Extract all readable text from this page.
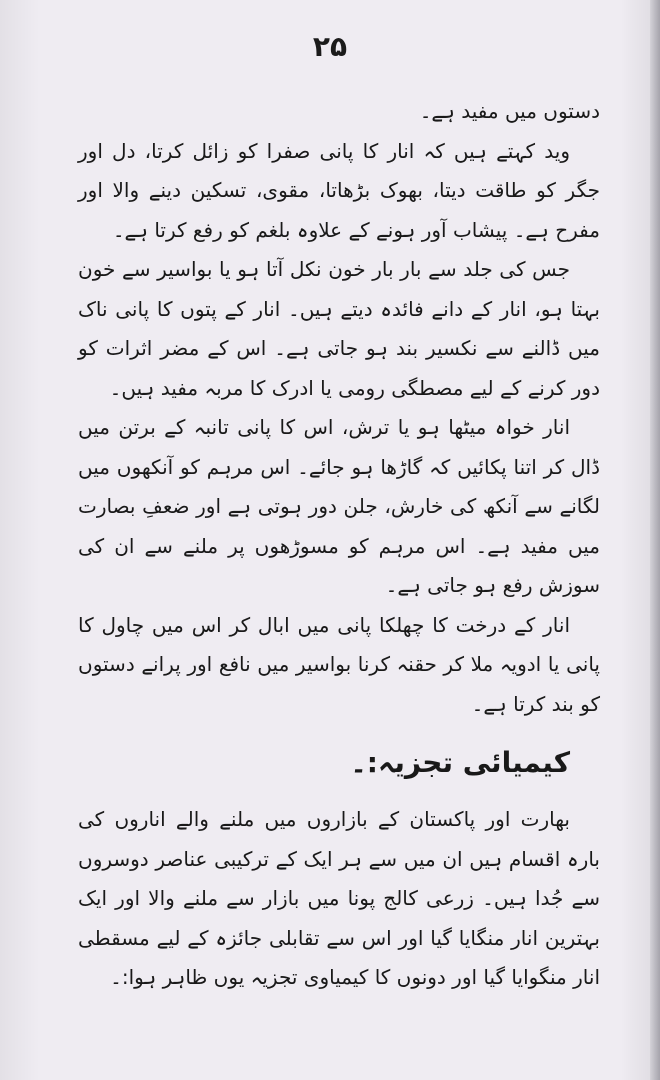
۲۵

دستوں میں مفید ہے۔

وید کہتے ہیں کہ انار کا پانی صفرا کو زائل کرتا، دل اور جگر کو طاقت دیتا، بھوک بڑھاتا، مقوی، تسکین دینے والا اور مفرح ہے۔ پیشاب آور ہونے کے علاوہ بلغم کو رفع کرتا ہے۔

جس کی جلد سے بار بار خون نکل آتا ہو یا بواسیر سے خون بہتا ہو، انار کے دانے فائدہ دیتے ہیں۔ انار کے پتوں کا پانی ناک میں ڈالنے سے نکسیر بند ہو جاتی ہے۔ اس کے مضر اثرات کو دور کرنے کے لیے مصطگی رومی یا ادرک کا مربہ مفید ہیں۔

انار خواہ میٹھا ہو یا ترش، اس کا پانی تانبہ کے برتن میں ڈال کر اتنا پکائیں کہ گاڑھا ہو جائے۔ اس مرہم کو آنکھوں میں لگانے سے آنکھ کی خارش، جلن دور ہوتی ہے اور ضعفِ بصارت میں مفید ہے۔ اس مرہم کو مسوڑھوں پر ملنے سے ان کی سوزش رفع ہو جاتی ہے۔

انار کے درخت کا چھلکا پانی میں ابال کر اس میں چاول کا پانی یا ادویہ ملا کر حقنہ کرنا بواسیر میں نافع اور پرانے دستوں کو بند کرتا ہے۔

کیمیائی تجزیہ:۔

بھارت اور پاکستان کے بازاروں میں ملنے والے اناروں کی بارہ اقسام ہیں ان میں سے ہر ایک کے ترکیبی عناصر دوسروں سے جُدا ہیں۔ زرعی کالج پونا میں بازار سے ملنے والا اور ایک بہترین انار منگایا گیا اور اس سے تقابلی جائزہ کے لیے مسقطی انار منگوایا گیا اور دونوں کا کیمیاوی تجزیہ یوں ظاہر ہوا:۔
